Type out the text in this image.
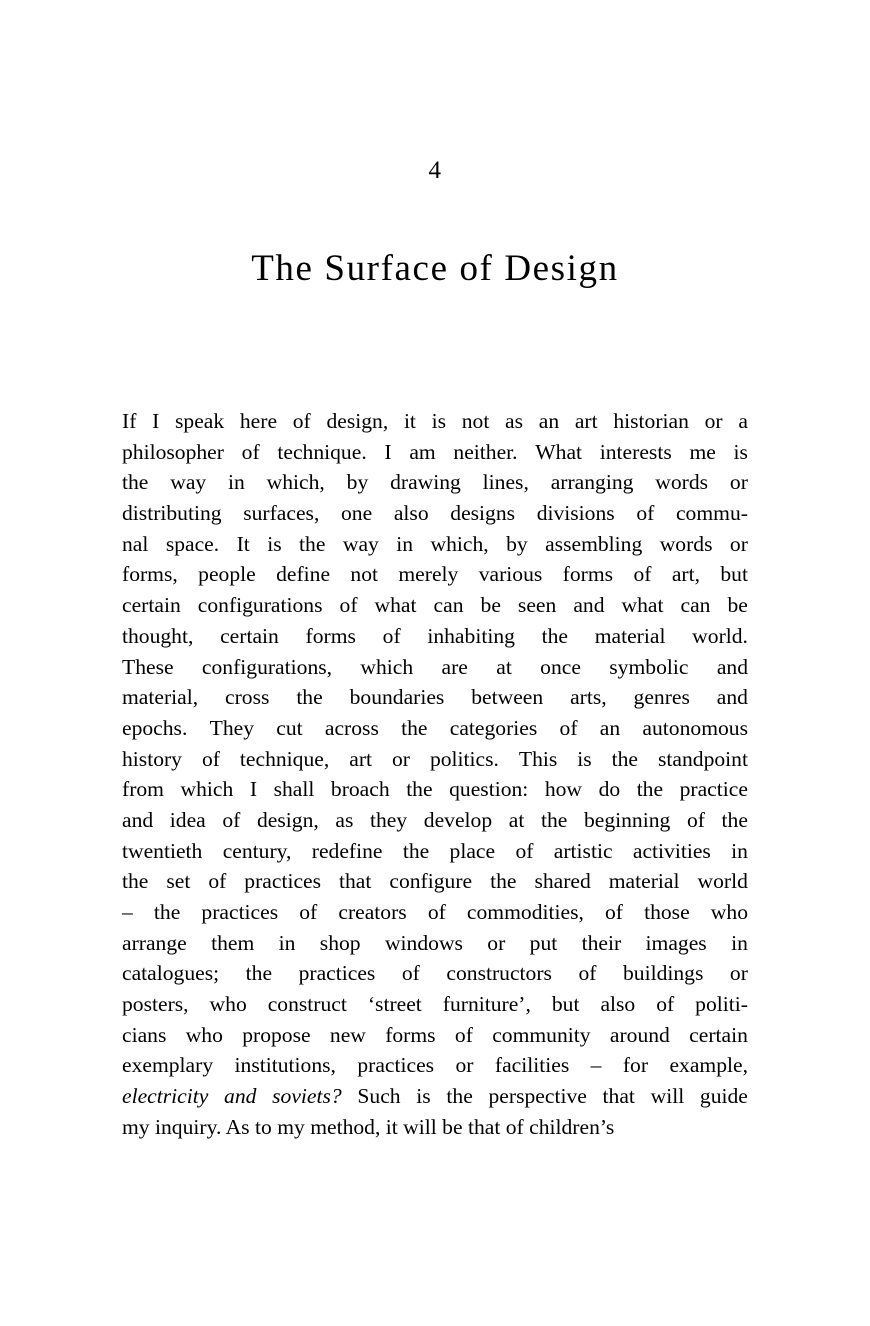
4
The Surface of Design
If I speak here of design, it is not as an art historian or a
philosopher of technique. I am neither. What interests me is
the way in which, by drawing lines, arranging words or
distributing surfaces, one also designs divisions of commu-
nal space. It is the way in which, by assembling words or
forms, people define not merely various forms of art, but
certain configurations of what can be seen and what can be
thought, certain forms of inhabiting the material world.
These configurations, which are at once symbolic and
material, cross the boundaries between arts, genres and
epochs. They cut across the categories of an autonomous
history of technique, art or politics. This is the standpoint
from which I shall broach the question: how do the practice
and idea of design, as they develop at the beginning of the
twentieth century, redefine the place of artistic activities in
the set of practices that configure the shared material world
– the practices of creators of commodities, of those who
arrange them in shop windows or put their images in
catalogues; the practices of constructors of buildings or
posters, who construct ‘street furniture’, but also of politi-
cians who propose new forms of community around certain
exemplary institutions, practices or facilities – for example,
electricity and soviets? Such is the perspective that will guide
my inquiry. As to my method, it will be that of children’s
